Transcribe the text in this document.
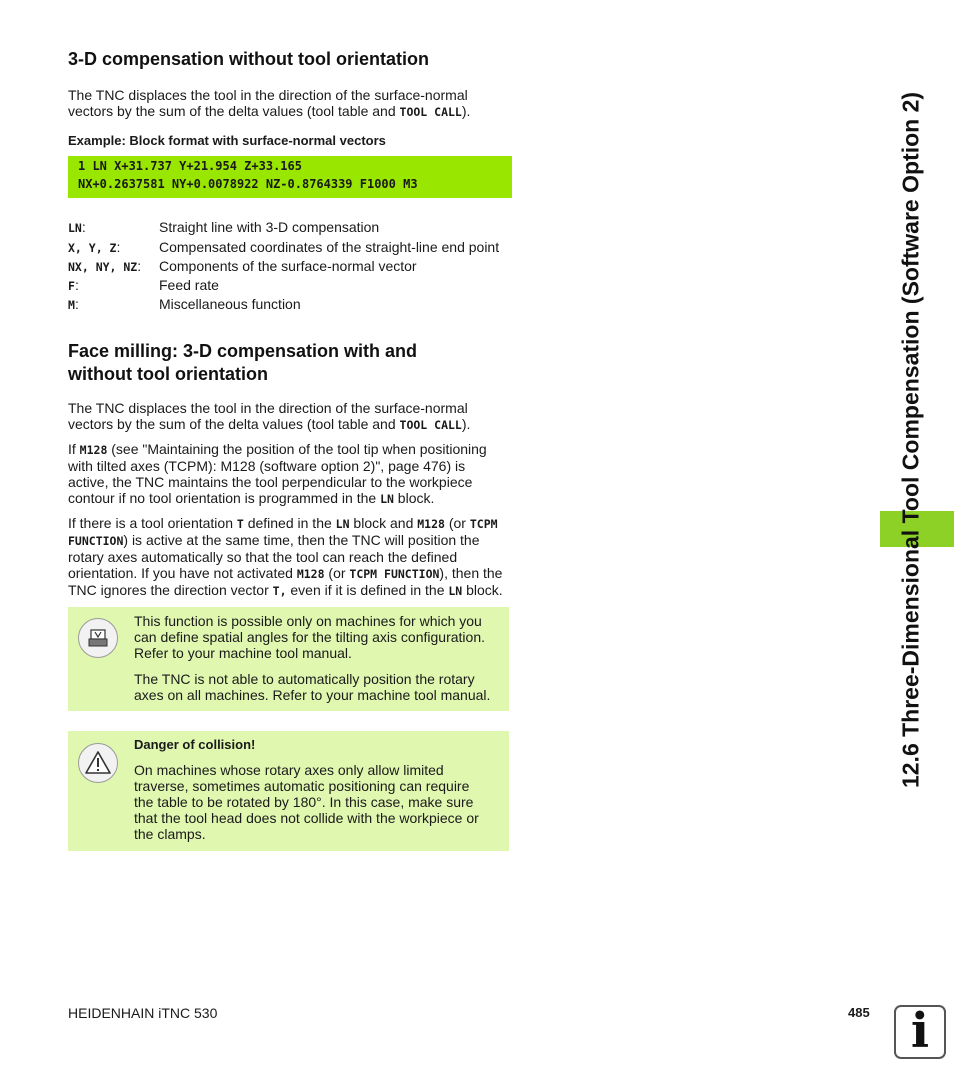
12.6 Three-Dimensional Tool Compensation (Software Option 2)
3-D compensation without tool orientation
The TNC displaces the tool in the direction of the surface-normal
vectors by the sum of the delta values (tool table and TOOL CALL).
Example: Block format with surface-normal vectors
1 LN X+31.737 Y+21.954 Z+33.165
NX+0.2637581 NY+0.0078922 NZ-0.8764339 F1000 M3
LN:	Straight line with 3-D compensation
X, Y, Z:	Compensated coordinates of the straight-line end point
NX, NY, NZ: Components of the surface-normal vector
F:	Feed rate
M:	Miscellaneous function
Face milling: 3-D compensation with and
without tool orientation
The TNC displaces the tool in the direction of the surface-normal
vectors by the sum of the delta values (tool table and TOOL CALL).
If M128 (see "Maintaining the position of the tool tip when positioning
with tilted axes (TCPM): M128 (software option 2)", page 476) is
active, the TNC maintains the tool perpendicular to the workpiece
contour if no tool orientation is programmed in the LN block.
If there is a tool orientation T defined in the LN block and M128 (or TCPM
FUNCTION) is active at the same time, then the TNC will position the
rotary axes automatically so that the tool can reach the defined
orientation. If you have not activated M128 (or TCPM FUNCTION), then the
TNC ignores the direction vector T, even if it is defined in the LN block.
This function is possible only on machines for which you
can define spatial angles for the tilting axis configuration.
Refer to your machine tool manual.
The TNC is not able to automatically position the rotary
axes on all machines. Refer to your machine tool manual.
Danger of collision!
On machines whose rotary axes only allow limited
traverse, sometimes automatic positioning can require
the table to be rotated by 180°. In this case, make sure
that the tool head does not collide with the workpiece or
the clamps.
HEIDENHAIN iTNC 530	485 i
